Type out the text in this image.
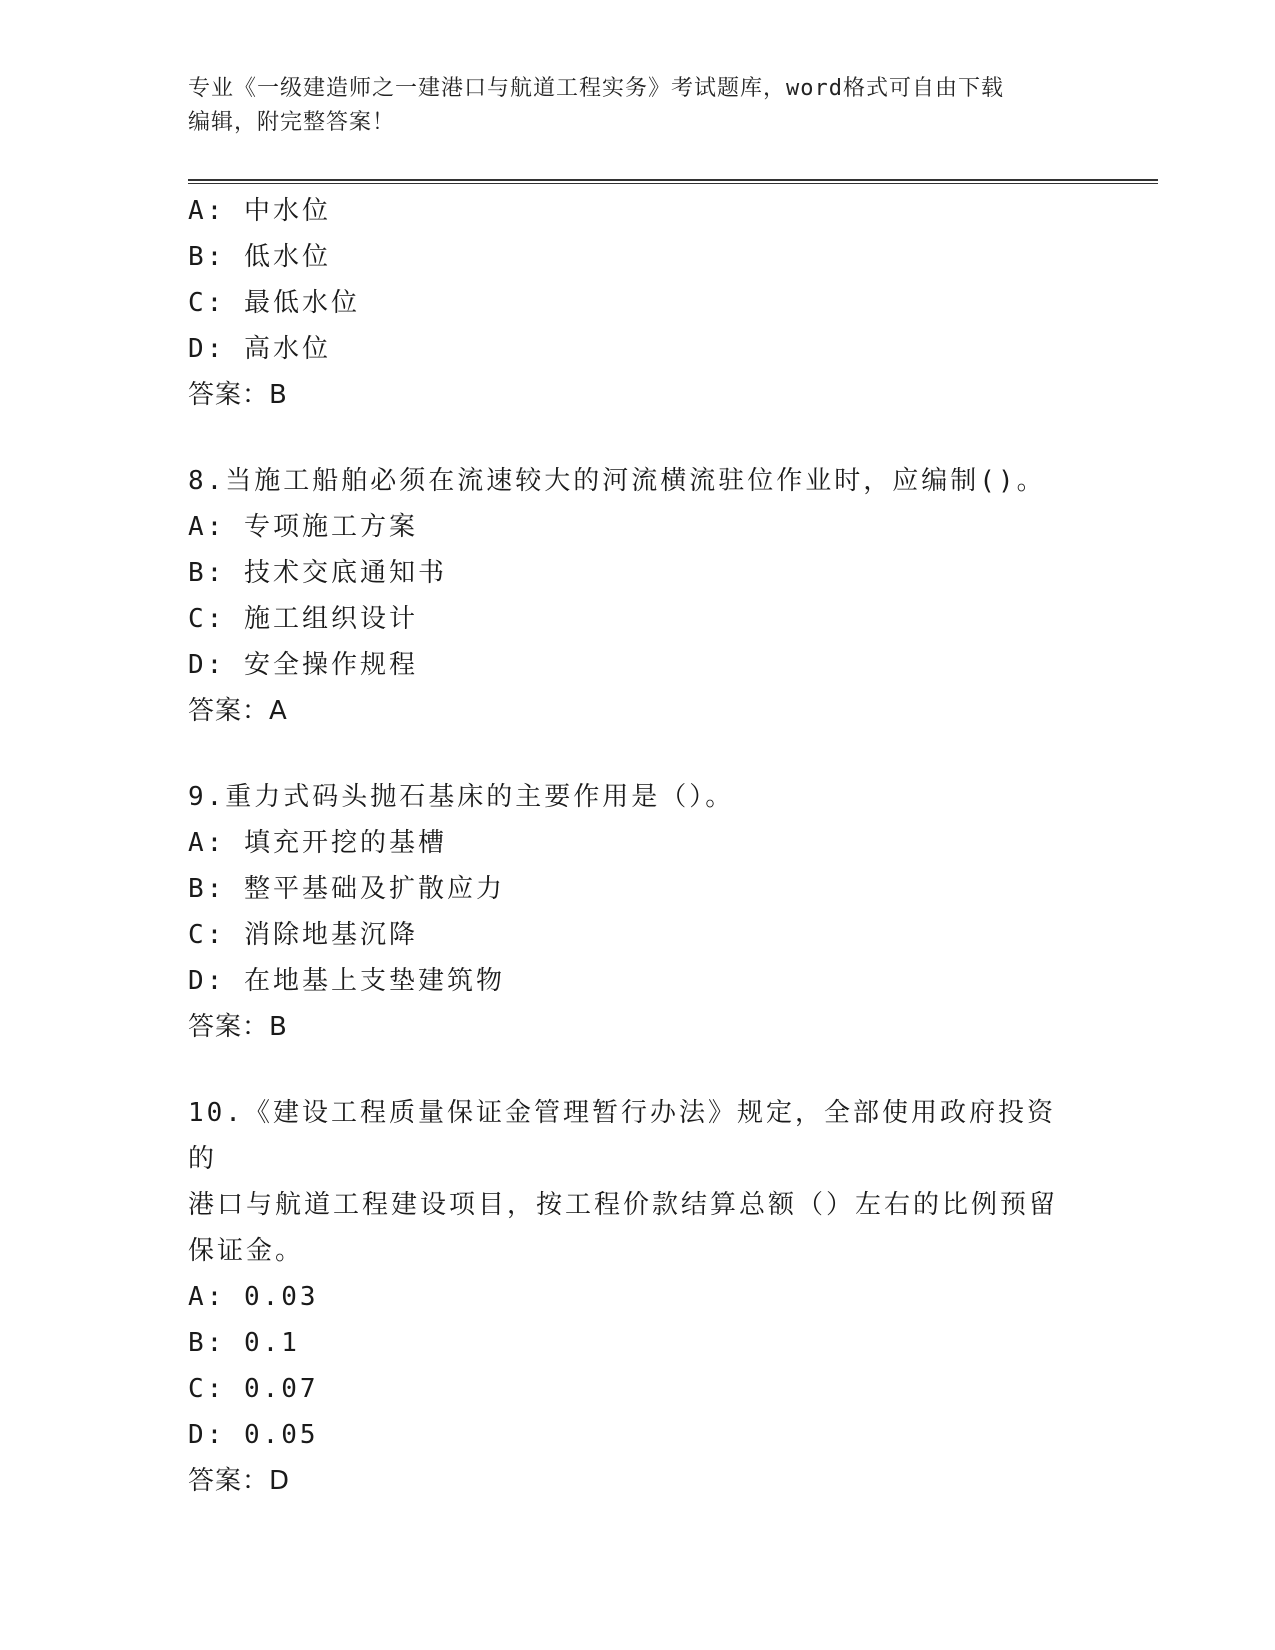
专业《一级建造师之一建港口与航道工程实务》考试题库，word格式可自由下载
编辑，附完整答案！
A: 中水位
B: 低水位
C: 最低水位
D: 高水位
答案：B
8.当施工船舶必须在流速较大的河流横流驻位作业时，应编制()。
A: 专项施工方案
B: 技术交底通知书
C: 施工组织设计
D: 安全操作规程
答案：A
9.重力式码头抛石基床的主要作用是（）。
A: 填充开挖的基槽
B: 整平基础及扩散应力
C: 消除地基沉降
D: 在地基上支垫建筑物
答案：B
10.《建设工程质量保证金管理暂行办法》规定，全部使用政府投资的
港口与航道工程建设项目，按工程价款结算总额（）左右的比例预留
保证金。
A: 0.03
B: 0.1
C: 0.07
D: 0.05
答案：D
